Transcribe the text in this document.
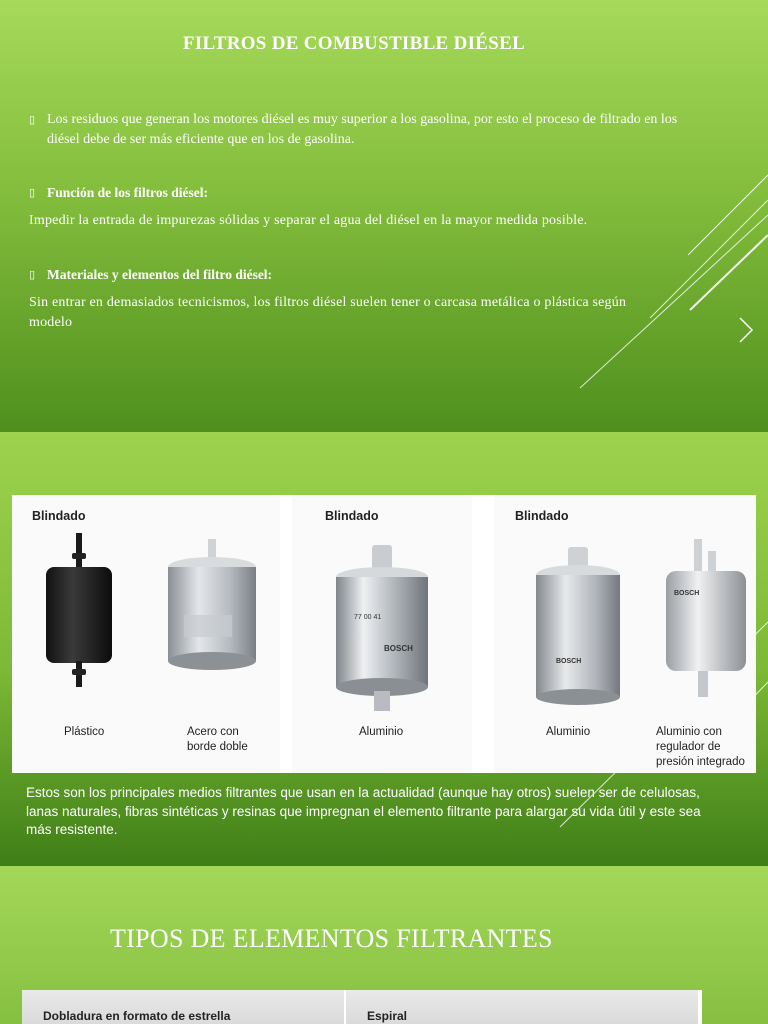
FILTROS DE COMBUSTIBLE DIÉSEL
▯ Los residuos que generan los motores diésel es muy superior a los gasolina, por esto el proceso de filtrado en los diésel debe de ser más eficiente que en los de gasolina.
▯ Función de los filtros diésel:
Impedir la entrada de impurezas sólidas y separar el agua del diésel en la mayor medida posible.
▯ Materiales y elementos del filtro diésel:
Sin entrar en demasiados tecnicismos, los filtros diésel suelen tener o carcasa metálica o plástica según modelo
Blindado
Plástico	Acero con borde doble
Blindado
77 00 41
BOSCH
Aluminio
Blindado
BOSCH
BOSCH
Aluminio	Aluminio con regulador de presión integrado
Estos son los principales medios filtrantes que usan en la actualidad (aunque hay otros) suelen ser de celulosas, lanas naturales, fibras sintéticas y resinas que impregnan el elemento filtrante para alargar su vida útil y este sea más resistente.
TIPOS DE ELEMENTOS FILTRANTES
Dobladura en formato de estrella	Espiral
